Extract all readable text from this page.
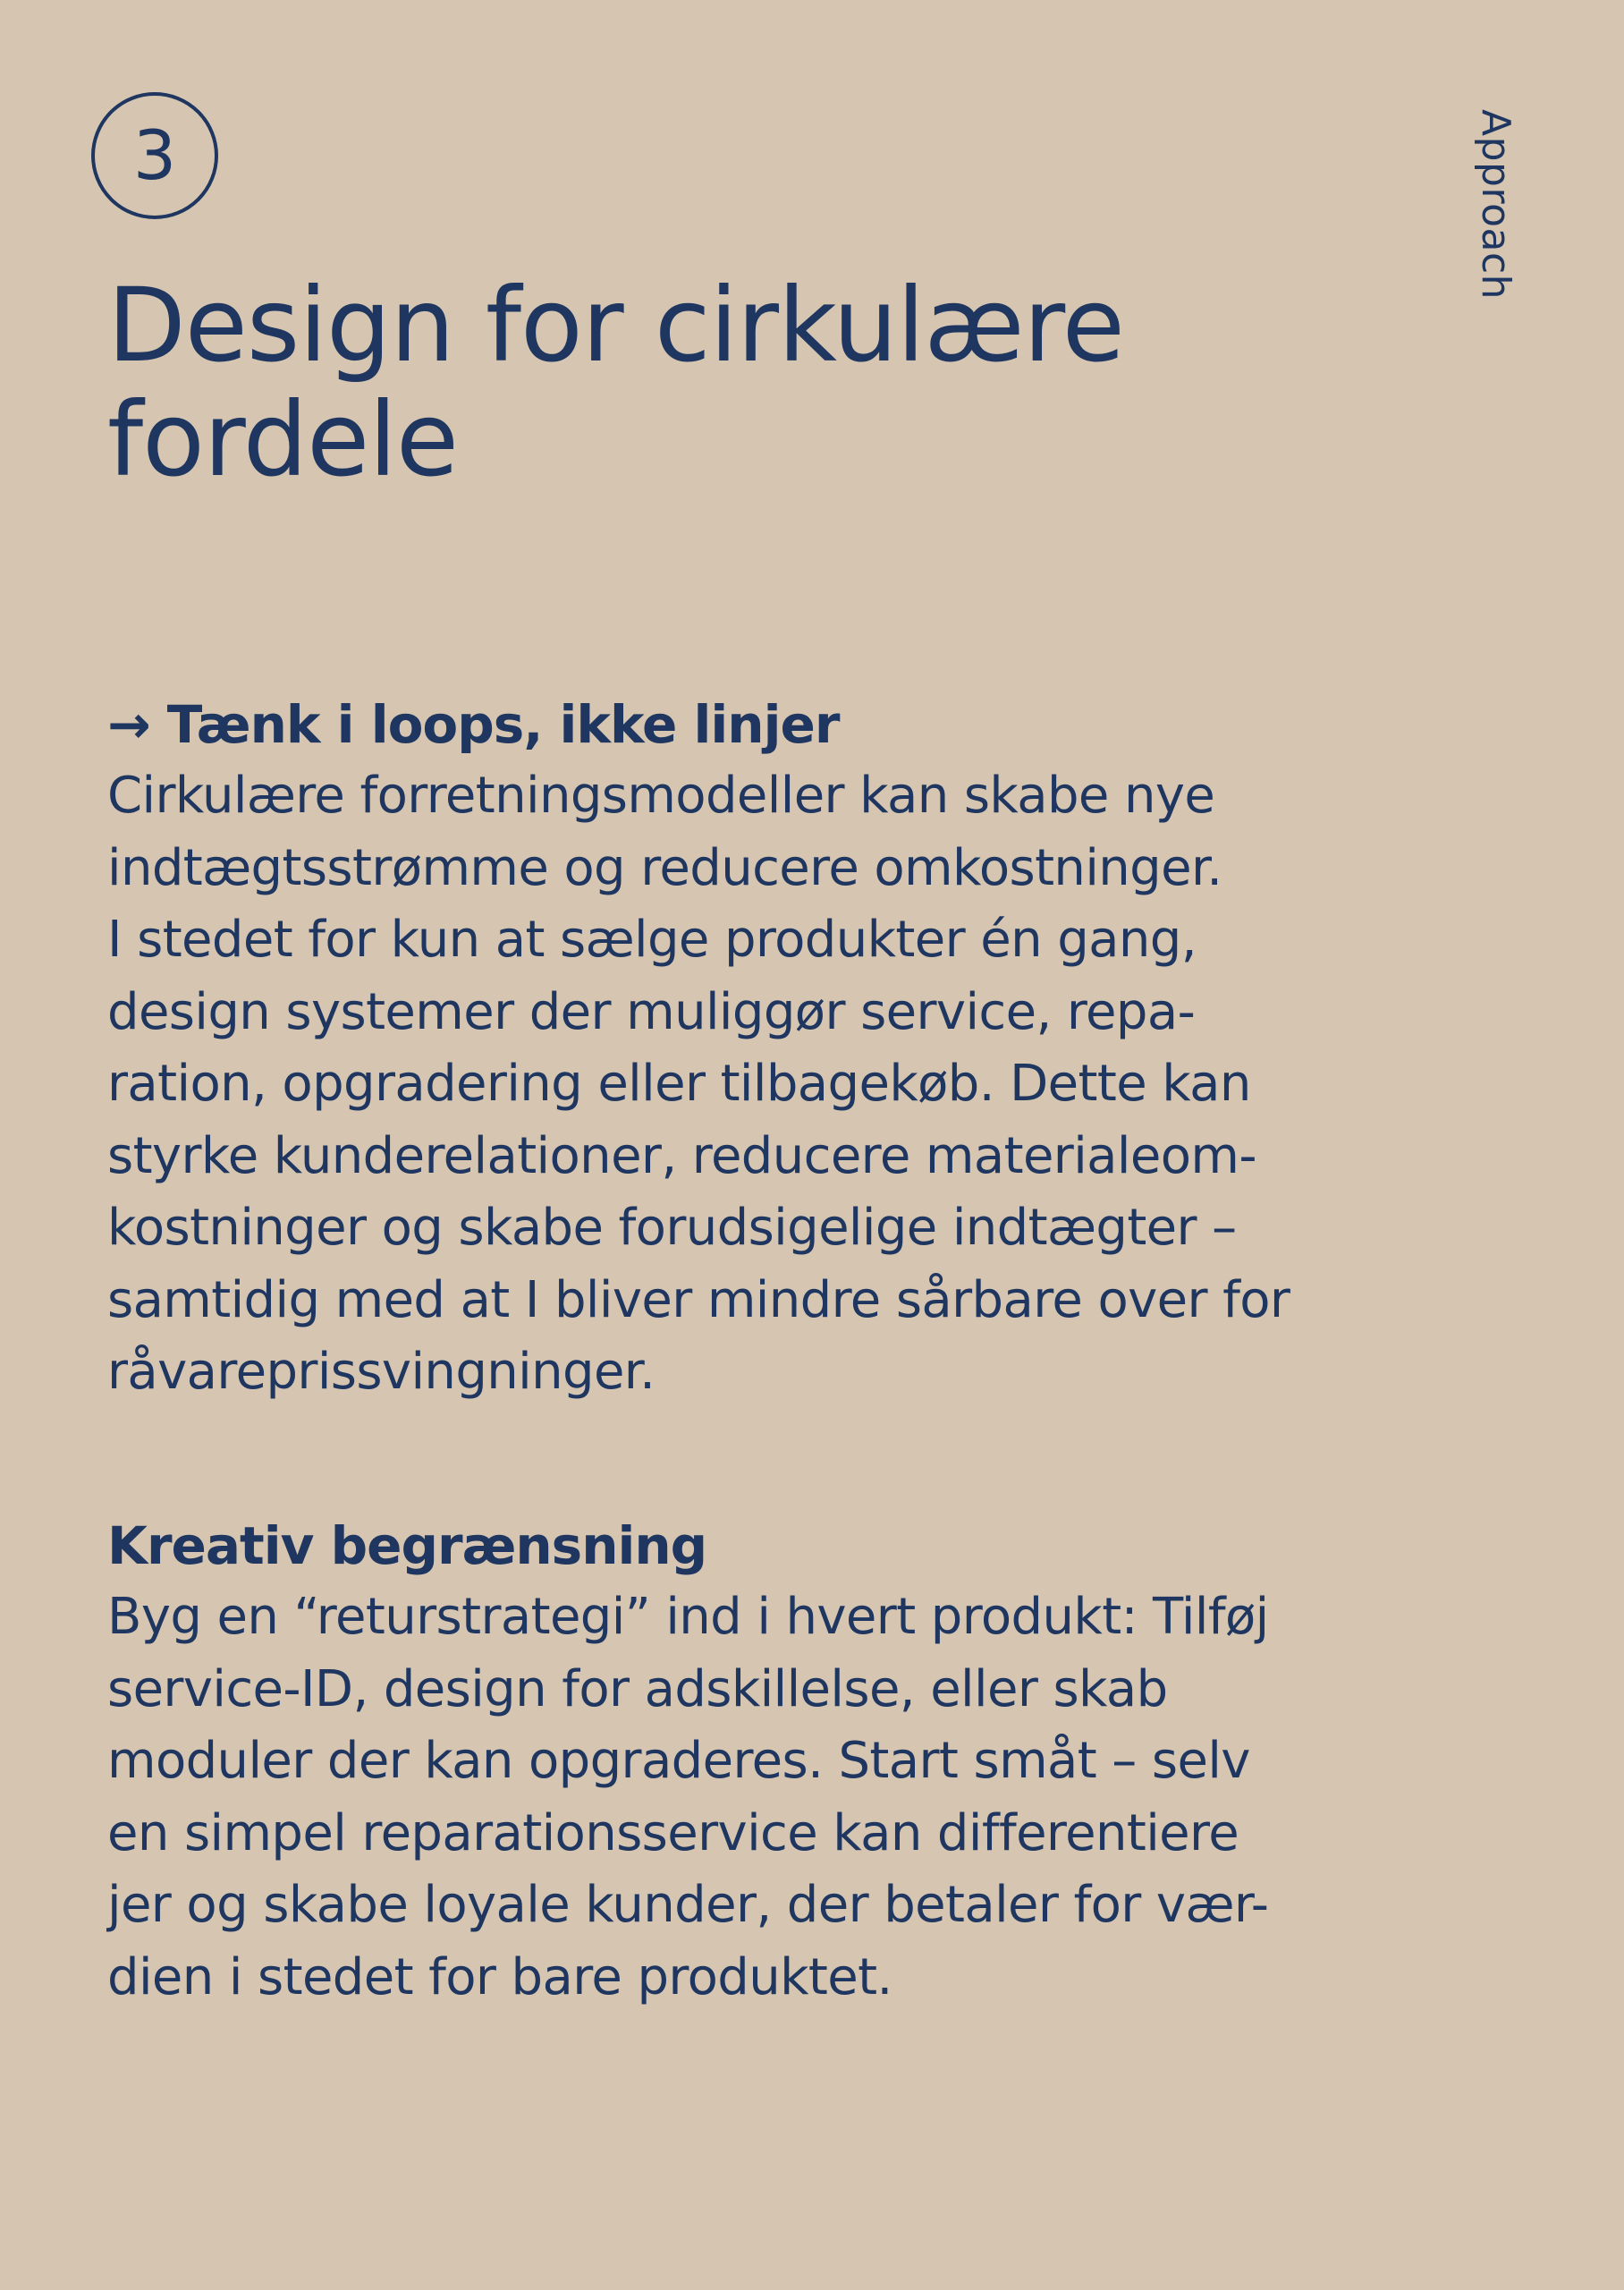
3	Approach
Design for cirkulære
fordele
→ Tænk i loops, ikke linjer

Cirkulære forretningsmodeller kan skabe nye
indtægtsstrømme og reducere omkostninger.
I stedet for kun at sælge produkter én gang,
design systemer der muliggør service, repa-
ration, opgradering eller tilbagekøb. Dette kan
styrke kunderelationer, reducere materialeom-
kostninger og skabe forudsigelige indtægter –
samtidig med at I bliver mindre sårbare over for
råvareprissvingninger.

Kreativ begrænsning

Byg en “returstrategi” ind i hvert produkt: Tilføj
service-ID, design for adskillelse, eller skab
moduler der kan opgraderes. Start småt – selv
en simpel reparationsservice kan differentiere
jer og skabe loyale kunder, der betaler for vær-
dien i stedet for bare produktet.
